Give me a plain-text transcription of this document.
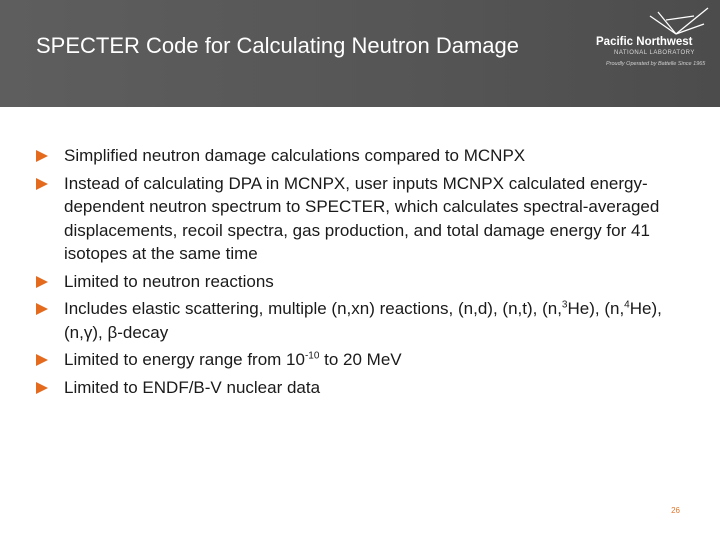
SPECTER Code for Calculating Neutron Damage	Pacific Northwest
NATIONAL LABORATORY
Proudly Operated by Battelle Since 1965
Simplified neutron damage calculations compared to MCNPX
Instead of calculating DPA in MCNPX, user inputs MCNPX calculated energy-dependent neutron spectrum to SPECTER, which calculates spectral-averaged displacements, recoil spectra, gas production, and total damage energy for 41 isotopes at the same time
Limited to neutron reactions
Includes elastic scattering, multiple (n,xn) reactions, (n,d), (n,t), (n,$^3$He), (n,$^4$He), (n,γ), β-decay
Limited to energy range from $10^{-10}$ to 20 MeV
Limited to ENDF/B-V nuclear data
26
